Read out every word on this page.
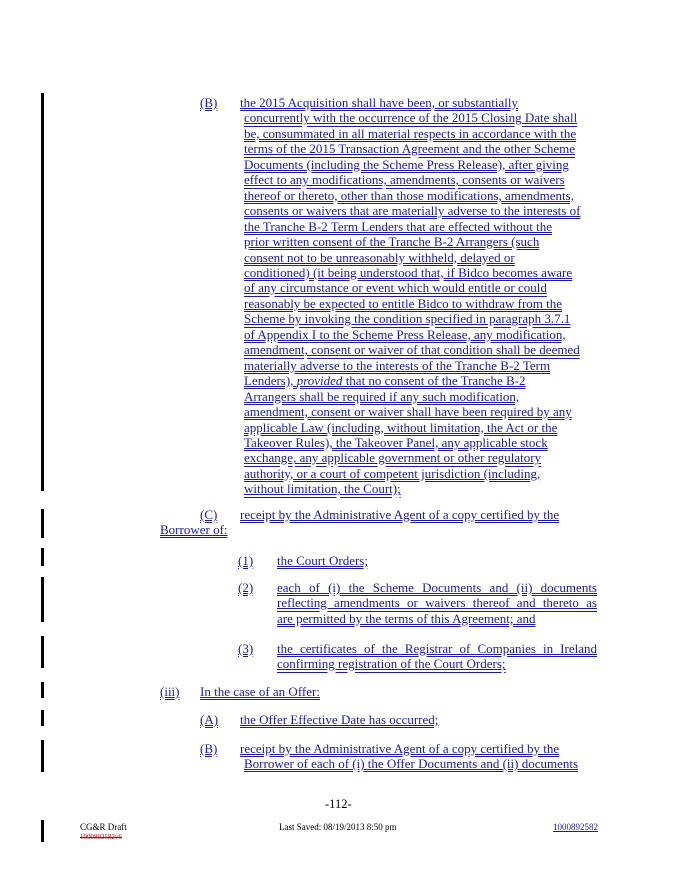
(B) the 2015 Acquisition shall have been, or substantially
concurrently with the occurrence of the 2015 Closing Date shall
be, consummated in all material respects in accordance with the
terms of the 2015 Transaction Agreement and the other Scheme
Documents (including the Scheme Press Release), after giving
effect to any modifications, amendments, consents or waivers
thereof or thereto, other than those modifications, amendments,
consents or waivers that are materially adverse to the interests of
the Tranche B-2 Term Lenders that are effected without the
prior written consent of the Tranche B-2 Arrangers (such
consent not to be unreasonably withheld, delayed or
conditioned) (it being understood that, if Bidco becomes aware
of any circumstance or event which would entitle or could
reasonably be expected to entitle Bidco to withdraw from the
Scheme by invoking the condition specified in paragraph 3.7.1
of Appendix I to the Scheme Press Release, any modification,
amendment, consent or waiver of that condition shall be deemed
materially adverse to the interests of the Tranche B-2 Term
Lenders), provided that no consent of the Tranche B-2
Arrangers shall be required if any such modification,
amendment, consent or waiver shall have been required by any
applicable Law (including, without limitation, the Act or the
Takeover Rules), the Takeover Panel, any applicable stock
exchange, any applicable government or other regulatory
authority, or a court of competent jurisdiction (including,
without limitation, the Court);
(C) receipt by the Administrative Agent of a copy certified by the
Borrower of:
(1) the Court Orders;
(2) each of (i) the Scheme Documents and (ii) documents
reflecting amendments or waivers thereof and thereto as
are permitted by the terms of this Agreement; and
(3) the certificates of the Registrar of Companies in Ireland
confirming registration of the Court Orders;
(iii) In the case of an Offer:
(A) the Offer Effective Date has occurred;
(B) receipt by the Administrative Agent of a copy certified by the
Borrower of each of (i) the Offer Documents and (ii) documents
-112-
CG&R Draft
1000892582v6
Last Saved: 08/19/2013 8:50 pm	1000892582
